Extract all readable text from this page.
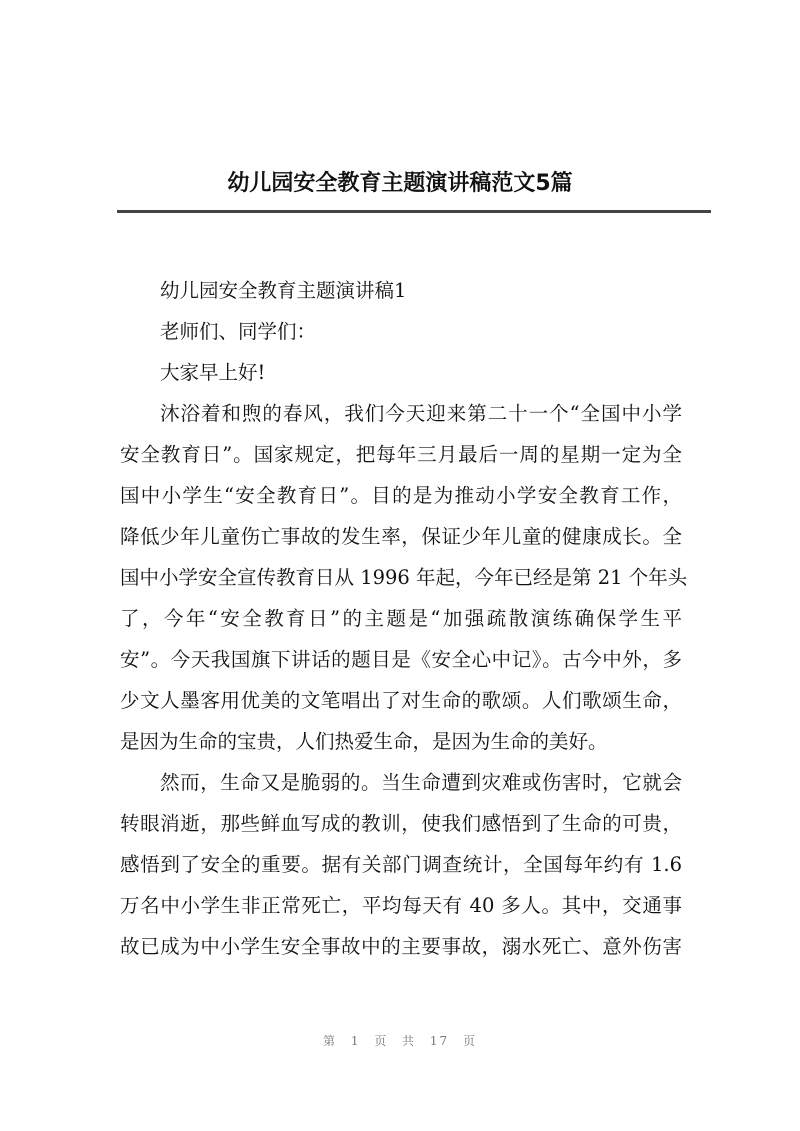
幼儿园安全教育主题演讲稿范文5篇
幼儿园安全教育主题演讲稿1
老师们、同学们：
大家早上好!
沐浴着和煦的春风，我们今天迎来第二十一个“全国中小学
安全教育日”。国家规定，把每年三月最后一周的星期一定为全
国中小学生“安全教育日”。目的是为推动小学安全教育工作，
降低少年儿童伤亡事故的发生率，保证少年儿童的健康成长。全
国中小学安全宣传教育日从 1996 年起，今年已经是第 21 个年头
了，今年“安全教育日”的主题是“加强疏散演练确保学生平
安”。今天我国旗下讲话的题目是《安全心中记》。古今中外，多
少文人墨客用优美的文笔唱出了对生命的歌颂。人们歌颂生命，
是因为生命的宝贵，人们热爱生命，是因为生命的美好。
然而，生命又是脆弱的。当生命遭到灾难或伤害时，它就会
转眼消逝，那些鲜血写成的教训，使我们感悟到了生命的可贵，
感悟到了安全的重要。据有关部门调查统计，全国每年约有 1.6
万名中小学生非正常死亡，平均每天有 40 多人。其中，交通事
故已成为中小学生安全事故中的主要事故，溺水死亡、意外伤害
第 1 页 共 17 页
